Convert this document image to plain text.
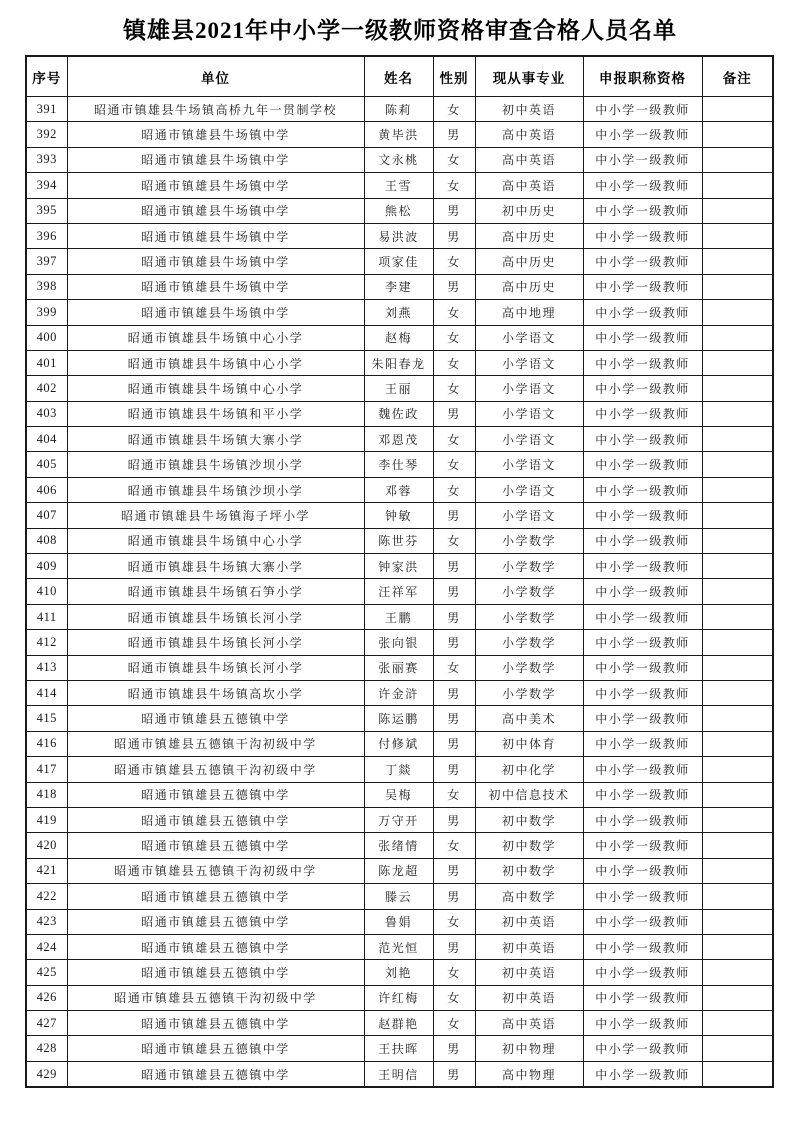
镇雄县2021年中小学一级教师资格审查合格人员名单
序号	单位	姓名	性别	现从事专业	申报职称资格	备注
391	昭通市镇雄县牛场镇高桥九年一贯制学校	陈莉	女	初中英语	中小学一级教师	
392	昭通市镇雄县牛场镇中学	黄毕洪	男	高中英语	中小学一级教师	
393	昭通市镇雄县牛场镇中学	文永桃	女	高中英语	中小学一级教师	
394	昭通市镇雄县牛场镇中学	王雪	女	高中英语	中小学一级教师	
395	昭通市镇雄县牛场镇中学	熊松	男	初中历史	中小学一级教师	
396	昭通市镇雄县牛场镇中学	易洪波	男	高中历史	中小学一级教师	
397	昭通市镇雄县牛场镇中学	项家佳	女	高中历史	中小学一级教师	
398	昭通市镇雄县牛场镇中学	李建	男	高中历史	中小学一级教师	
399	昭通市镇雄县牛场镇中学	刘燕	女	高中地理	中小学一级教师	
400	昭通市镇雄县牛场镇中心小学	赵梅	女	小学语文	中小学一级教师	
401	昭通市镇雄县牛场镇中心小学	朱阳春龙	女	小学语文	中小学一级教师	
402	昭通市镇雄县牛场镇中心小学	王丽	女	小学语文	中小学一级教师	
403	昭通市镇雄县牛场镇和平小学	魏佐政	男	小学语文	中小学一级教师	
404	昭通市镇雄县牛场镇大寨小学	邓恩茂	女	小学语文	中小学一级教师	
405	昭通市镇雄县牛场镇沙坝小学	李仕琴	女	小学语文	中小学一级教师	
406	昭通市镇雄县牛场镇沙坝小学	邓蓉	女	小学语文	中小学一级教师	
407	昭通市镇雄县牛场镇海子坪小学	钟敏	男	小学语文	中小学一级教师	
408	昭通市镇雄县牛场镇中心小学	陈世芬	女	小学数学	中小学一级教师	
409	昭通市镇雄县牛场镇大寨小学	钟家洪	男	小学数学	中小学一级教师	
410	昭通市镇雄县牛场镇石笋小学	汪祥军	男	小学数学	中小学一级教师	
411	昭通市镇雄县牛场镇长河小学	王鹏	男	小学数学	中小学一级教师	
412	昭通市镇雄县牛场镇长河小学	张向银	男	小学数学	中小学一级教师	
413	昭通市镇雄县牛场镇长河小学	张丽赛	女	小学数学	中小学一级教师	
414	昭通市镇雄县牛场镇高坎小学	许金浒	男	小学数学	中小学一级教师	
415	昭通市镇雄县五德镇中学	陈运鹏	男	高中美术	中小学一级教师	
416	昭通市镇雄县五德镇干沟初级中学	付修斌	男	初中体育	中小学一级教师	
417	昭通市镇雄县五德镇干沟初级中学	丁燚	男	初中化学	中小学一级教师	
418	昭通市镇雄县五德镇中学	吴梅	女	初中信息技术	中小学一级教师	
419	昭通市镇雄县五德镇中学	万守开	男	初中数学	中小学一级教师	
420	昭通市镇雄县五德镇中学	张绪情	女	初中数学	中小学一级教师	
421	昭通市镇雄县五德镇干沟初级中学	陈龙超	男	初中数学	中小学一级教师	
422	昭通市镇雄县五德镇中学	滕云	男	高中数学	中小学一级教师	
423	昭通市镇雄县五德镇中学	鲁娟	女	初中英语	中小学一级教师	
424	昭通市镇雄县五德镇中学	范光恒	男	初中英语	中小学一级教师	
425	昭通市镇雄县五德镇中学	刘艳	女	初中英语	中小学一级教师	
426	昭通市镇雄县五德镇干沟初级中学	许红梅	女	初中英语	中小学一级教师	
427	昭通市镇雄县五德镇中学	赵群艳	女	高中英语	中小学一级教师	
428	昭通市镇雄县五德镇中学	王扶晖	男	初中物理	中小学一级教师	
429	昭通市镇雄县五德镇中学	王明信	男	高中物理	中小学一级教师	
